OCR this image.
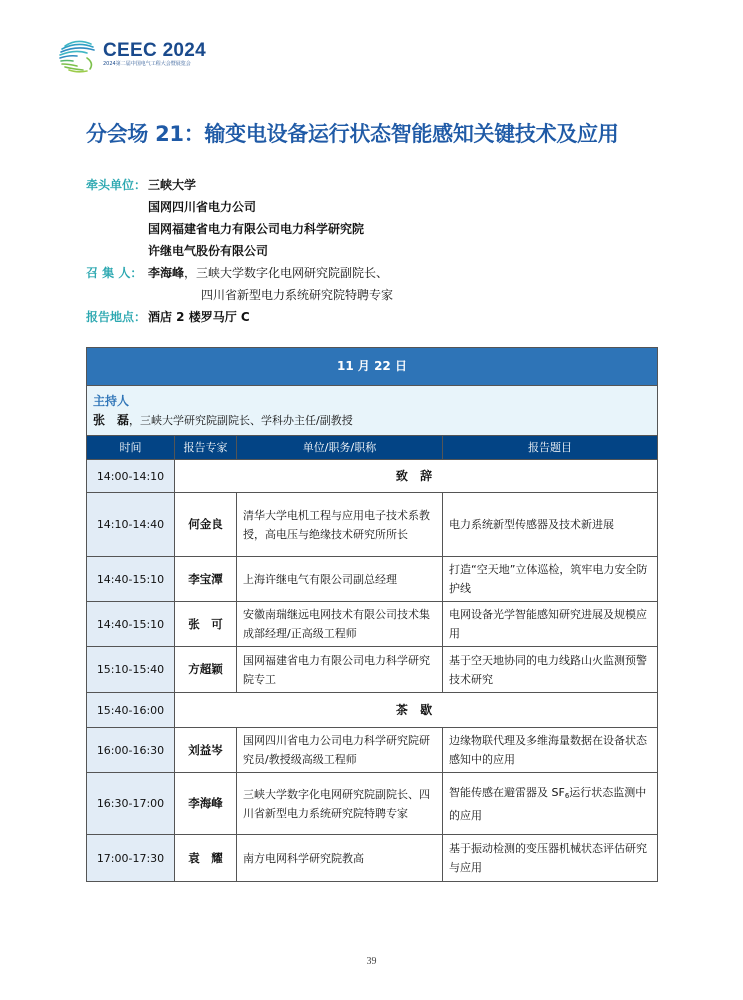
CEEC 2024
2024第二届中国电气工程大会暨展览会
分会场 21：输变电设备运行状态智能感知关键技术及应用
牵头单位： 三峡大学
国网四川省电力公司
国网福建省电力有限公司电力科学研究院
许继电气股份有限公司
召 集 人： 李海峰，三峡大学数字化电网研究院副院长、
四川省新型电力系统研究院特聘专家
报告地点： 酒店 2 楼罗马厅 C
11 月 22 日			

主持人
张　磊，三峡大学研究院副院长、学科办主任/副教授			
时间	报告专家	单位/职务/职称	报告题目
14:00-14:10	致 辞		
14:10-14:40	何金良	清华大学电机工程与应用电子技术系教授，高电压与绝缘技术研究所所长	电力系统新型传感器及技术新进展
14:40-15:10	李宝潭	上海许继电气有限公司副总经理	打造“空天地”立体巡检，筑牢电力安全防护线
14:40-15:10	张　可	安徽南瑞继远电网技术有限公司技术集成部经理/正高级工程师	电网设备光学智能感知研究进展及规模应用
15:10-15:40	方超颖	国网福建省电力有限公司电力科学研究院专工	基于空天地协同的电力线路山火监测预警技术研究
15:40-16:00	茶 歇		
16:00-16:30	刘益岑	国网四川省电力公司电力科学研究院研究员/教授级高级工程师	边缘物联代理及多维海量数据在设备状态感知中的应用
16:30-17:00	李海峰	三峡大学数字化电网研究院副院长、四川省新型电力系统研究院特聘专家	智能传感在避雷器及 $SF_6$运行状态监测中的应用
17:00-17:30	袁　耀	南方电网科学研究院教高	基于振动检测的变压器机械状态评估研究与应用
39
